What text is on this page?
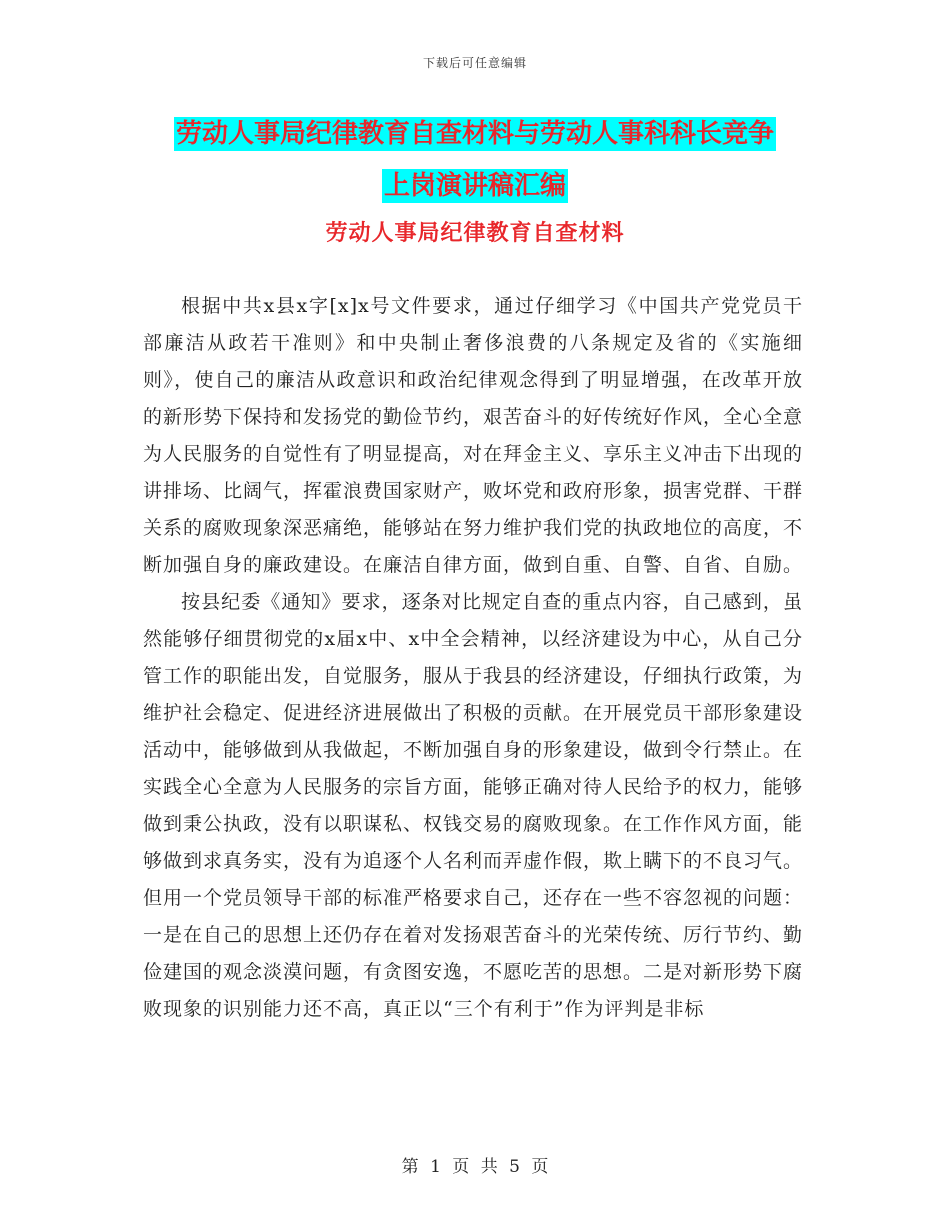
下载后可任意编辑
劳动人事局纪律教育自查材料与劳动人事科科长竞争
上岗演讲稿汇编
劳动人事局纪律教育自查材料

根据中共x县x字[x]x号文件要求，通过仔细学习《中国共产党党员干部廉洁从政若干准则》和中央制止奢侈浪费的八条规定及省的《实施细则》，使自己的廉洁从政意识和政治纪律观念得到了明显增强，在改革开放的新形势下保持和发扬党的勤俭节约，艰苦奋斗的好传统好作风，全心全意为人民服务的自觉性有了明显提高，对在拜金主义、享乐主义冲击下出现的讲排场、比阔气，挥霍浪费国家财产，败坏党和政府形象，损害党群、干群关系的腐败现象深恶痛绝，能够站在努力维护我们党的执政地位的高度，不断加强自身的廉政建设。在廉洁自律方面，做到自重、自警、自省、自励。

按县纪委《通知》要求，逐条对比规定自查的重点内容，自己感到，虽然能够仔细贯彻党的x届x中、x中全会精神，以经济建设为中心，从自己分管工作的职能出发，自觉服务，服从于我县的经济建设，仔细执行政策，为维护社会稳定、促进经济进展做出了积极的贡献。在开展党员干部形象建设活动中，能够做到从我做起，不断加强自身的形象建设，做到令行禁止。在实践全心全意为人民服务的宗旨方面，能够正确对待人民给予的权力，能够做到秉公执政，没有以职谋私、权钱交易的腐败现象。在工作作风方面，能够做到求真务实，没有为追逐个人名利而弄虚作假，欺上瞒下的不良习气。但用一个党员领导干部的标准严格要求自己，还存在一些不容忽视的问题：一是在自己的思想上还仍存在着对发扬艰苦奋斗的光荣传统、厉行节约、勤俭建国的观念淡漠问题，有贪图安逸，不愿吃苦的思想。二是对新形势下腐败现象的识别能力还不高，真正以“三个有利于”作为评判是非标

第 1 页 共 5 页
